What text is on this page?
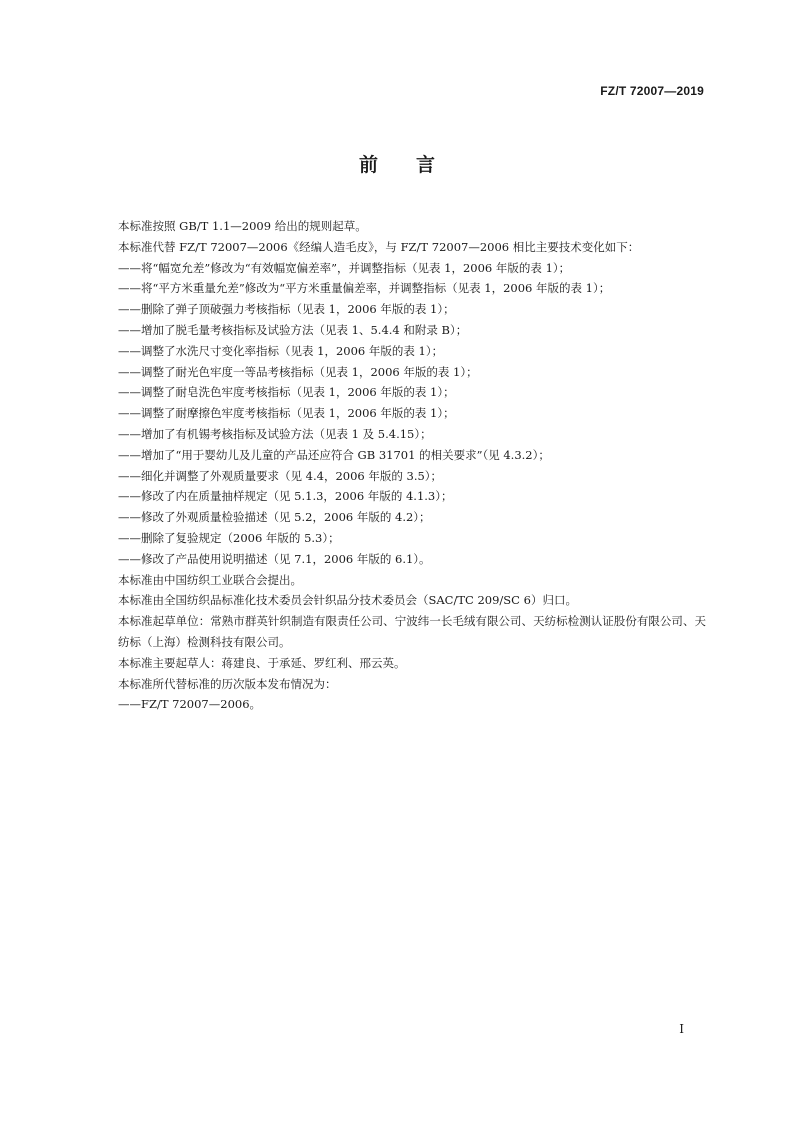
FZ/T 72007—2019
前 言

本标准按照 GB/T 1.1—2009 给出的规则起草。

本标准代替 FZ/T 72007—2006《经编人造毛皮》，与 FZ/T 72007—2006 相比主要技术变化如下：

——将“幅宽允差”修改为“有效幅宽偏差率”，并调整指标（见表 1，2006 年版的表 1）；

——将“平方米重量允差”修改为“平方米重量偏差率，并调整指标（见表 1，2006 年版的表 1）；

——删除了弹子顶破强力考核指标（见表 1，2006 年版的表 1）；

——增加了脱毛量考核指标及试验方法（见表 1、5.4.4 和附录 B）；

——调整了水洗尺寸变化率指标（见表 1，2006 年版的表 1）；

——调整了耐光色牢度一等品考核指标（见表 1，2006 年版的表 1）；

——调整了耐皂洗色牢度考核指标（见表 1，2006 年版的表 1）；

——调整了耐摩擦色牢度考核指标（见表 1，2006 年版的表 1）；

——增加了有机锡考核指标及试验方法（见表 1 及 5.4.15）；

——增加了“用于婴幼儿及儿童的产品还应符合 GB 31701 的相关要求”（见 4.3.2）；

——细化并调整了外观质量要求（见 4.4，2006 年版的 3.5）；

——修改了内在质量抽样规定（见 5.1.3，2006 年版的 4.1.3）；

——修改了外观质量检验描述（见 5.2，2006 年版的 4.2）；

——删除了复验规定（2006 年版的 5.3）；

——修改了产品使用说明描述（见 7.1，2006 年版的 6.1）。

本标准由中国纺织工业联合会提出。

本标准由全国纺织品标准化技术委员会针织品分技术委员会（SAC/TC 209/SC 6）归口。

本标准起草单位：常熟市群英针织制造有限责任公司、宁波纬一长毛绒有限公司、天纺标检测认证股份有限公司、天纺标（上海）检测科技有限公司。

本标准主要起草人：蒋建良、于承延、罗红利、邢云英。

本标准所代替标准的历次版本发布情况为：

——FZ/T 72007—2006。

I
